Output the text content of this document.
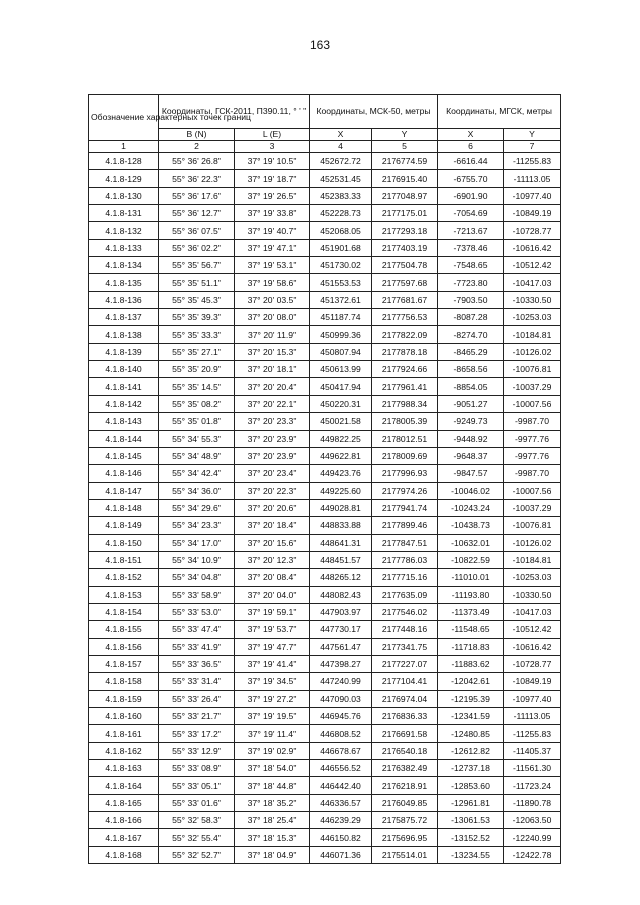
163
Обозначение характерных точек границ	Координаты, ГСК-2011, П390.11, ° ' "		Координаты, МСК-50, метры		Координаты, МГСК, метры	
	B (N)	L (E)	X	Y	X	Y
1	2	3	4	5	6	7
4.1.8-128	55° 36' 26.8"	37° 19' 10.5"	452672.72	2176774.59	-6616.44	-11255.83
4.1.8-129	55° 36' 22.3"	37° 19' 18.7"	452531.45	2176915.40	-6755.70	-11113.05
4.1.8-130	55° 36' 17.6"	37° 19' 26.5"	452383.33	2177048.97	-6901.90	-10977.40
4.1.8-131	55° 36' 12.7"	37° 19' 33.8"	452228.73	2177175.01	-7054.69	-10849.19
4.1.8-132	55° 36' 07.5"	37° 19' 40.7"	452068.05	2177293.18	-7213.67	-10728.77
4.1.8-133	55° 36' 02.2"	37° 19' 47.1"	451901.68	2177403.19	-7378.46	-10616.42
4.1.8-134	55° 35' 56.7"	37° 19' 53.1"	451730.02	2177504.78	-7548.65	-10512.42
4.1.8-135	55° 35' 51.1"	37° 19' 58.6"	451553.53	2177597.68	-7723.80	-10417.03
4.1.8-136	55° 35' 45.3"	37° 20' 03.5"	451372.61	2177681.67	-7903.50	-10330.50
4.1.8-137	55° 35' 39.3"	37° 20' 08.0"	451187.74	2177756.53	-8087.28	-10253.03
4.1.8-138	55° 35' 33.3"	37° 20' 11.9"	450999.36	2177822.09	-8274.70	-10184.81
4.1.8-139	55° 35' 27.1"	37° 20' 15.3"	450807.94	2177878.18	-8465.29	-10126.02
4.1.8-140	55° 35' 20.9"	37° 20' 18.1"	450613.99	2177924.66	-8658.56	-10076.81
4.1.8-141	55° 35' 14.5"	37° 20' 20.4"	450417.94	2177961.41	-8854.05	-10037.29
4.1.8-142	55° 35' 08.2"	37° 20' 22.1"	450220.31	2177988.34	-9051.27	-10007.56
4.1.8-143	55° 35' 01.8"	37° 20' 23.3"	450021.58	2178005.39	-9249.73	-9987.70
4.1.8-144	55° 34' 55.3"	37° 20' 23.9"	449822.25	2178012.51	-9448.92	-9977.76
4.1.8-145	55° 34' 48.9"	37° 20' 23.9"	449622.81	2178009.69	-9648.37	-9977.76
4.1.8-146	55° 34' 42.4"	37° 20' 23.4"	449423.76	2177996.93	-9847.57	-9987.70
4.1.8-147	55° 34' 36.0"	37° 20' 22.3"	449225.60	2177974.26	-10046.02	-10007.56
4.1.8-148	55° 34' 29.6"	37° 20' 20.6"	449028.81	2177941.74	-10243.24	-10037.29
4.1.8-149	55° 34' 23.3"	37° 20' 18.4"	448833.88	2177899.46	-10438.73	-10076.81
4.1.8-150	55° 34' 17.0"	37° 20' 15.6"	448641.31	2177847.51	-10632.01	-10126.02
4.1.8-151	55° 34' 10.9"	37° 20' 12.3"	448451.57	2177786.03	-10822.59	-10184.81
4.1.8-152	55° 34' 04.8"	37° 20' 08.4"	448265.12	2177715.16	-11010.01	-10253.03
4.1.8-153	55° 33' 58.9"	37° 20' 04.0"	448082.43	2177635.09	-11193.80	-10330.50
4.1.8-154	55° 33' 53.0"	37° 19' 59.1"	447903.97	2177546.02	-11373.49	-10417.03
4.1.8-155	55° 33' 47.4"	37° 19' 53.7"	447730.17	2177448.16	-11548.65	-10512.42
4.1.8-156	55° 33' 41.9"	37° 19' 47.7"	447561.47	2177341.75	-11718.83	-10616.42
4.1.8-157	55° 33' 36.5"	37° 19' 41.4"	447398.27	2177227.07	-11883.62	-10728.77
4.1.8-158	55° 33' 31.4"	37° 19' 34.5"	447240.99	2177104.41	-12042.61	-10849.19
4.1.8-159	55° 33' 26.4"	37° 19' 27.2"	447090.03	2176974.04	-12195.39	-10977.40
4.1.8-160	55° 33' 21.7"	37° 19' 19.5"	446945.76	2176836.33	-12341.59	-11113.05
4.1.8-161	55° 33' 17.2"	37° 19' 11.4"	446808.52	2176691.58	-12480.85	-11255.83
4.1.8-162	55° 33' 12.9"	37° 19' 02.9"	446678.67	2176540.18	-12612.82	-11405.37
4.1.8-163	55° 33' 08.9"	37° 18' 54.0"	446556.52	2176382.49	-12737.18	-11561.30
4.1.8-164	55° 33' 05.1"	37° 18' 44.8"	446442.40	2176218.91	-12853.60	-11723.24
4.1.8-165	55° 33' 01.6"	37° 18' 35.2"	446336.57	2176049.85	-12961.81	-11890.78
4.1.8-166	55° 32' 58.3"	37° 18' 25.4"	446239.29	2175875.72	-13061.53	-12063.50
4.1.8-167	55° 32' 55.4"	37° 18' 15.3"	446150.82	2175696.95	-13152.52	-12240.99
4.1.8-168	55° 32' 52.7"	37° 18' 04.9"	446071.36	2175514.01	-13234.55	-12422.78
